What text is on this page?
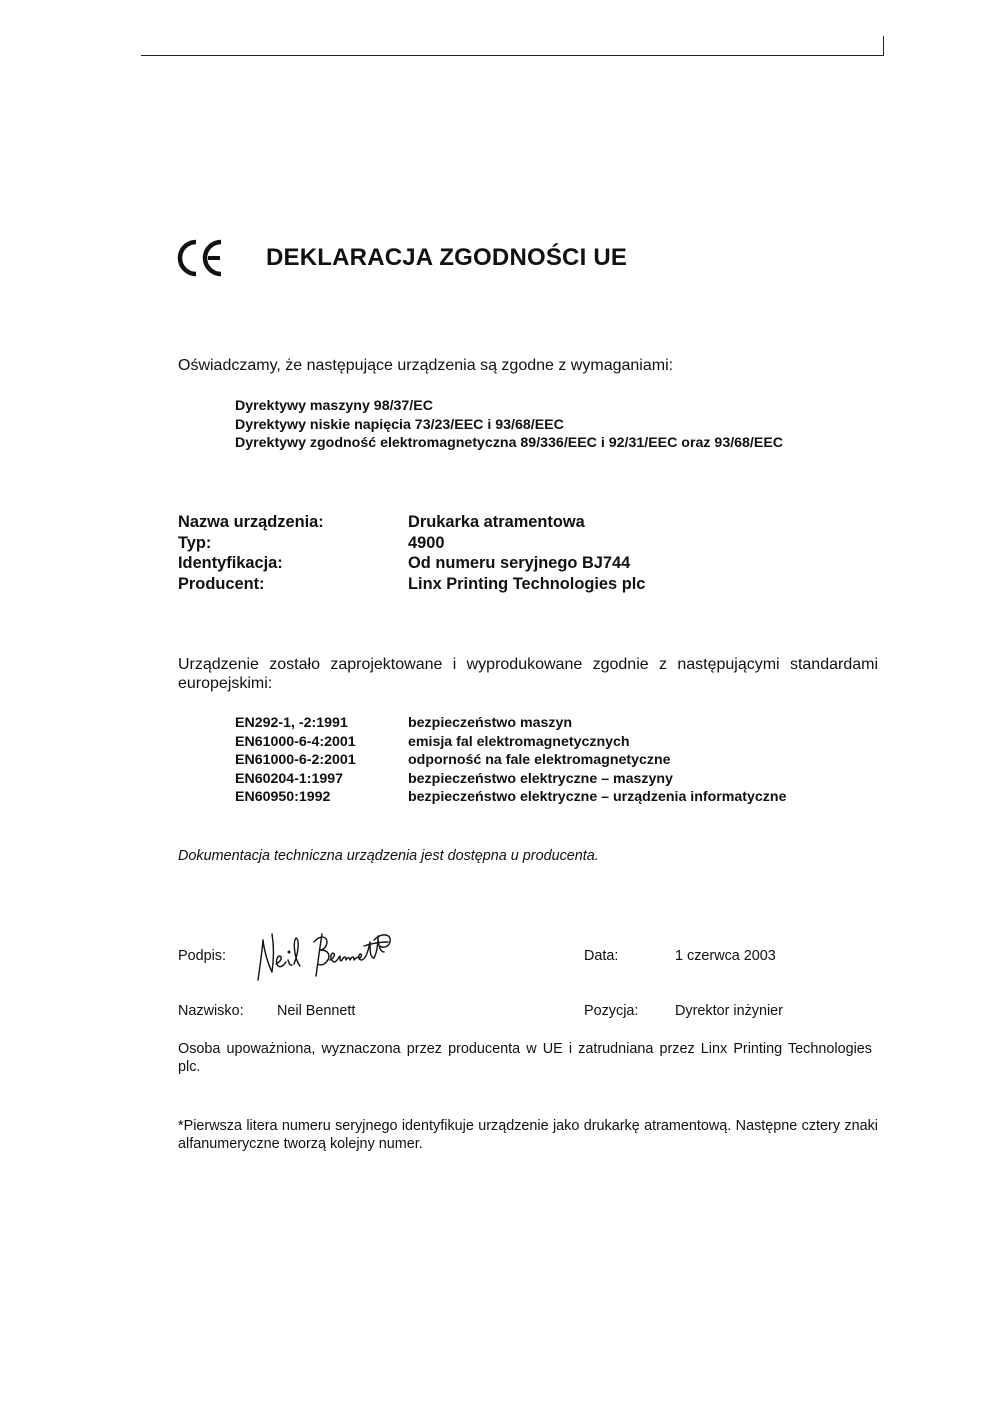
DEKLARACJA ZGODNOŚCI UE
Oświadczamy, że następujące urządzenia są zgodne z wymaganiami:
Dyrektywy maszyny 98/37/EC
Dyrektywy niskie napięcia 73/23/EEC i 93/68/EEC
Dyrektywy zgodność elektromagnetyczna 89/336/EEC i 92/31/EEC oraz 93/68/EEC
Nazwa urządzenia:	Drukarka atramentowa
Typ:	4900
Identyfikacja:	Od numeru seryjnego BJ744
Producent:	Linx Printing Technologies plc
Urządzenie zostało zaprojektowane i wyprodukowane zgodnie z następującymi standardami europejskimi:
EN292-1, -2:1991	bezpieczeństwo maszyn
EN61000-6-4:2001	emisja fal elektromagnetycznych
EN61000-6-2:2001	odporność na fale elektromagnetyczne
EN60204-1:1997	bezpieczeństwo elektryczne – maszyny
EN60950:1992	bezpieczeństwo elektryczne – urządzenia informatyczne
Dokumentacja techniczna urządzenia jest dostępna u producenta.
Podpis:	Data:	1 czerwca 2003
Nazwisko: Neil Bennett	Pozycja:	Dyrektor inżynier
Osoba upoważniona, wyznaczona przez producenta w UE i zatrudniana przez Linx Printing Technologies plc.
*Pierwsza litera numeru seryjnego identyfikuje urządzenie jako drukarkę atramentową. Następne cztery znaki alfanumeryczne tworzą kolejny numer.
